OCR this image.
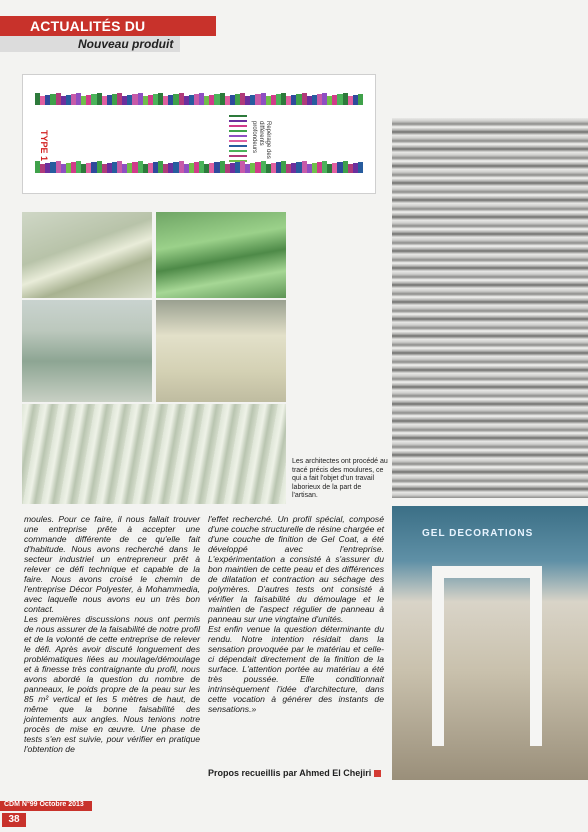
ACTUALITÉS DU
Nouveau produit
TYPE 1	Repérage des
différents
profondeurs
Les architectes ont procédé au tracé précis des moulures, ce qui a fait l'objet d'un travail laborieux de la part de l'artisan.
GEL DECORATIONS

moules. Pour ce faire, il nous fallait trouver une entreprise prête à accepter une commande différente de ce qu'elle fait d'habitude. Nous avons recherché dans le secteur industriel un entrepreneur prêt à relever ce défi technique et capable de la faire. Nous avons croisé le chemin de l'entreprise Décor Polyester, à Mohammedia, avec laquelle nous avons eu un très bon contact.

Les premières discussions nous ont permis de nous assurer de la faisabilité de notre profil et de la volonté de cette entreprise de relever le défi. Après avoir discuté longuement des problématiques liées au moulage/démoulage et à finesse très contraignante du profil, nous avons abordé la question du nombre de panneaux, le poids propre de la peau sur les 85 m² vertical et les 5 mètres de haut, de même que la bonne faisabilité des jointements aux angles. Nous tenions notre procès de mise en œuvre. Une phase de tests s'en est suivie, pour vérifier en pratique l'obtention de

l'effet recherché. Un profil spécial, composé d'une couche structurelle de résine chargée et d'une couche de finition de Gel Coat, a été développé avec l'entreprise. L'expérimentation a consisté à s'assurer du bon maintien de cette peau et des différences de dilatation et contraction au séchage des polymères. D'autres tests ont consisté à vérifier la faisabilité du démoulage et le maintien de l'aspect régulier de panneau à panneau sur une vingtaine d'unités.

Est enfin venue la question déterminante du rendu. Notre intention résidait dans la sensation provoquée par le matériau et celle-ci dépendait directement de la finition de la surface. L'attention portée au matériau a été très poussée. Elle conditionnait intrinsèquement l'idée d'architecture, dans cette vocation à générer des instants de sensations.»

Propos recueillis par Ahmed El Chejiri
CDM N°99 Octobre 2013
38
